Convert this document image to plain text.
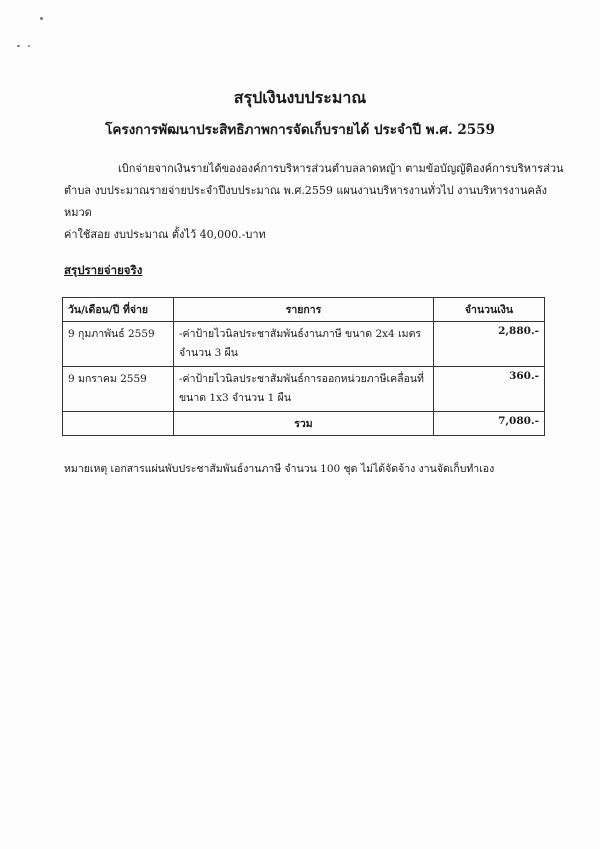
สรุปเงินงบประมาณ
โครงการพัฒนาประสิทธิภาพการจัดเก็บรายได้ ประจำปี พ.ศ. 2559
เบิกจ่ายจากเงินรายได้ขององค์การบริหารส่วนตำบลลาดหญ้า ตามข้อบัญญัติองค์การบริหารส่วน
ตำบล งบประมาณรายจ่ายประจำปีงบประมาณ พ.ศ.2559 แผนงานบริหารงานทั่วไป งานบริหารงานคลัง หมวด
ค่าใช้สอย งบประมาณ ตั้งไว้ 40,000.-บาท
สรุปรายจ่ายจริง
วัน/เดือน/ปี ที่จ่าย	รายการ	จำนวนเงิน
9 กุมภาพันธ์ 2559	-ค่าป้ายไวนิลประชาสัมพันธ์งานภาษี ขนาด 2x4 เมตร
จำนวน 3 ผืน	2,880.-
9 มกราคม 2559	-ค่าป้ายไวนิลประชาสัมพันธ์การออกหน่วยภาษีเคลื่อนที่
ขนาด 1x3 จำนวน 1 ผืน	360.-
	รวม	7,080.-
หมายเหตุ เอกสารแผ่นพับประชาสัมพันธ์งานภาษี จำนวน 100 ชุด ไม่ได้จัดจ้าง งานจัดเก็บทำเอง
